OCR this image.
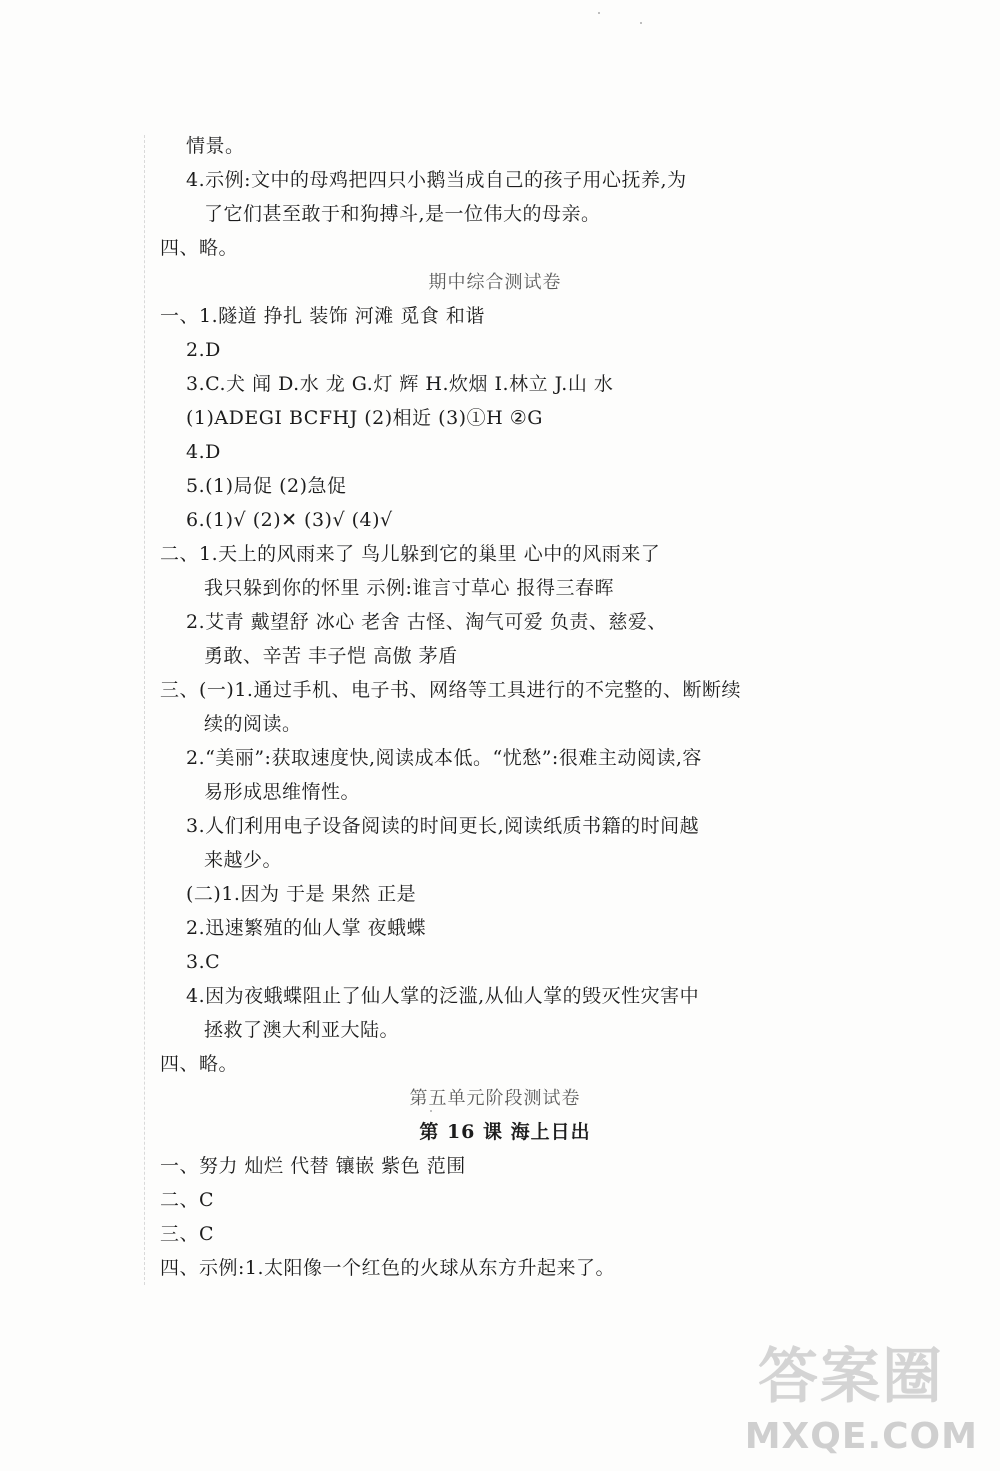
情景。
4.示例:文中的母鸡把四只小鹅当成自己的孩子用心抚养,为
了它们甚至敢于和狗搏斗,是一位伟大的母亲。
四、略。
期中综合测试卷
一、1.隧道 挣扎 装饰 河滩 觅食 和谐
2.D
3.C.犬 闻 D.水 龙 G.灯 辉 H.炊烟 I.林立 J.山 水
(1)ADEGI BCFHJ (2)相近 (3)①H ②G
4.D
5.(1)局促 (2)急促
6.(1)√ (2)✕ (3)√ (4)√
二、1.天上的风雨来了 鸟儿躲到它的巢里 心中的风雨来了
我只躲到你的怀里 示例:谁言寸草心 报得三春晖
2.艾青 戴望舒 冰心 老舍 古怪、淘气可爱 负责、慈爱、
勇敢、辛苦 丰子恺 高傲 茅盾
三、(一)1.通过手机、电子书、网络等工具进行的不完整的、断断续
续的阅读。
2.“美丽”:获取速度快,阅读成本低。“忧愁”:很难主动阅读,容
易形成思维惰性。
3.人们利用电子设备阅读的时间更长,阅读纸质书籍的时间越
来越少。
(二)1.因为 于是 果然 正是
2.迅速繁殖的仙人掌 夜蛾蝶
3.C
4.因为夜蛾蝶阻止了仙人掌的泛滥,从仙人掌的毁灭性灾害中
拯救了澳大利亚大陆。
四、略。
第五单元阶段测试卷
第 16 课 海上日出
一、努力 灿烂 代替 镶嵌 紫色 范围
二、C
三、C
四、示例:1.太阳像一个红色的火球从东方升起来了。
答案圈
MXQE.COM
